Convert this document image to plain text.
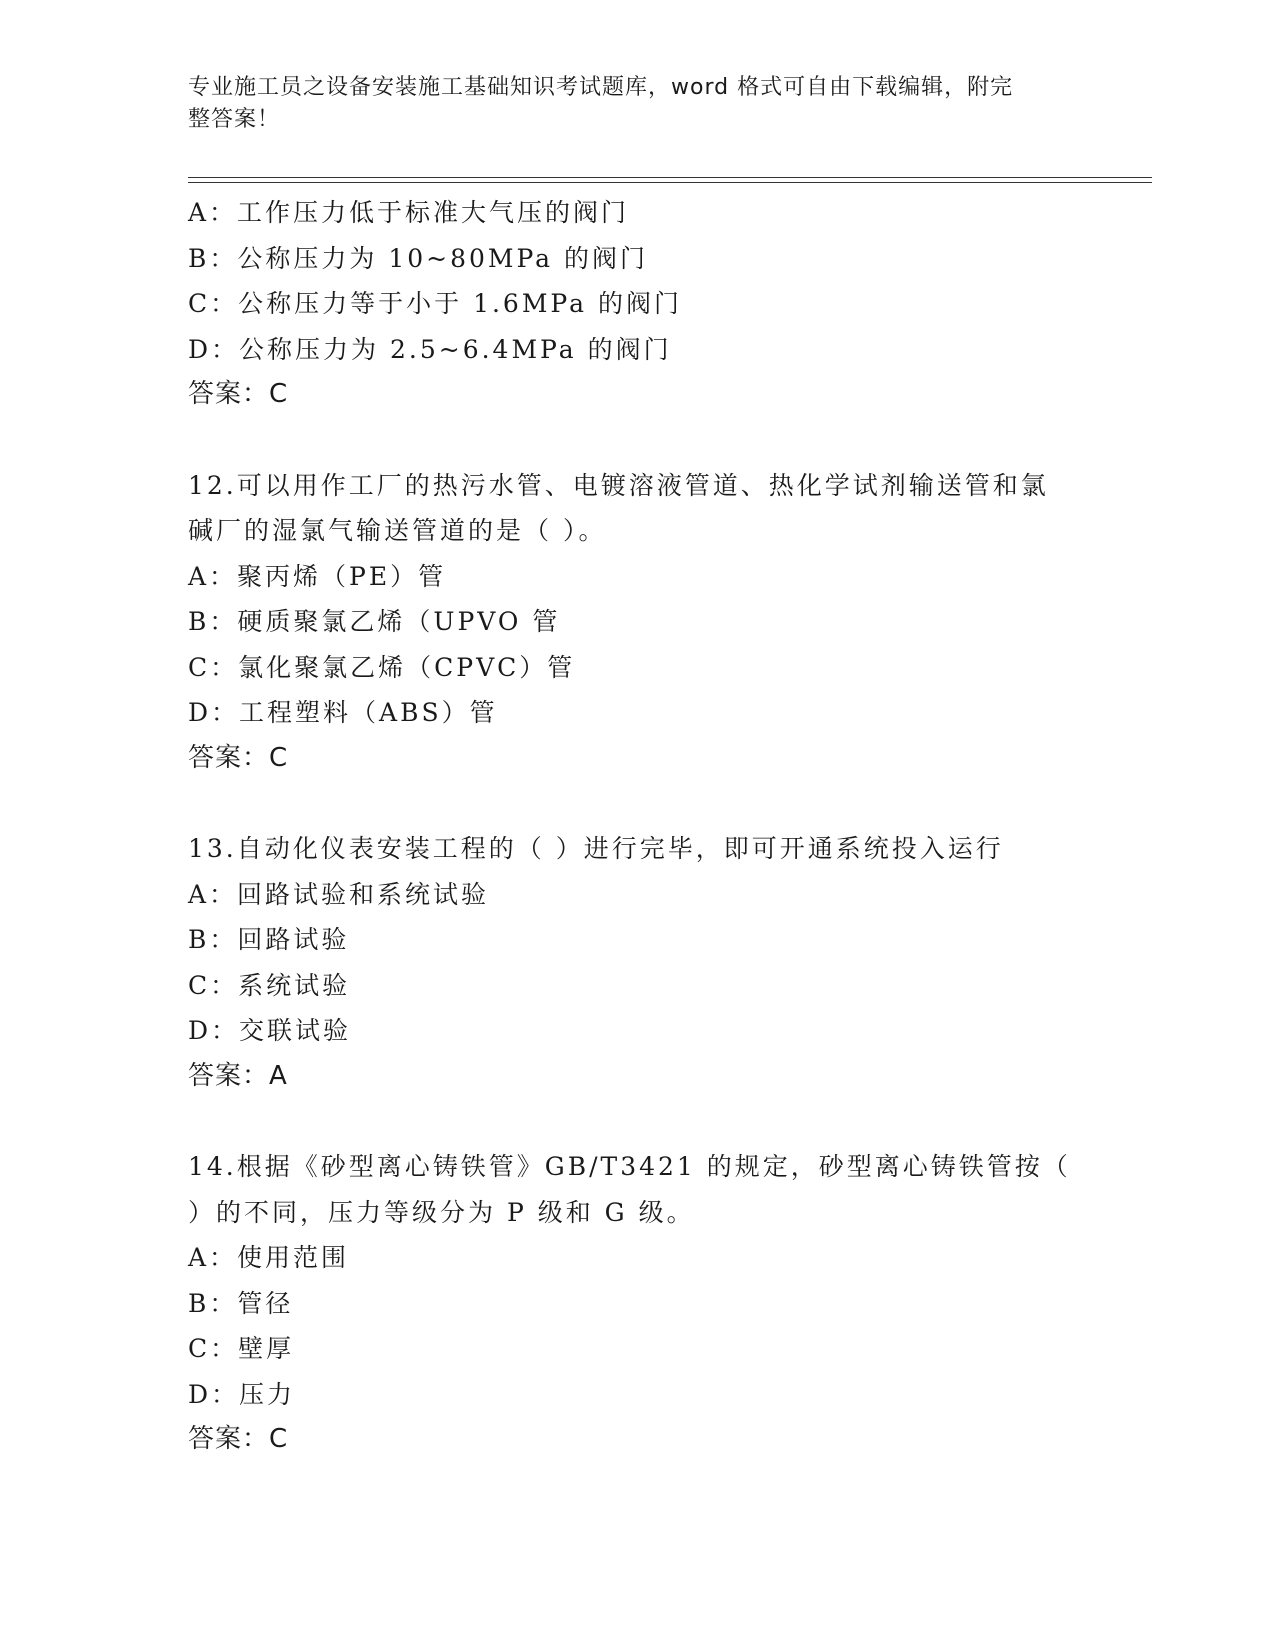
专业施工员之设备安装施工基础知识考试题库，word 格式可自由下载编辑，附完
整答案！
A：工作压力低于标准大气压的阀门
B：公称压力为 10~80MPa 的阀门
C：公称压力等于小于 1.6MPa 的阀门
D：公称压力为 2.5~6.4MPa 的阀门
答案：C
12.可以用作工厂的热污水管、电镀溶液管道、热化学试剂输送管和氯
碱厂的湿氯气输送管道的是（ ）。
A：聚丙烯（PE）管
B：硬质聚氯乙烯（UPVO 管
C：氯化聚氯乙烯（CPVC）管
D：工程塑料（ABS）管
答案：C
13.自动化仪表安装工程的（ ）进行完毕，即可开通系统投入运行
A：回路试验和系统试验
B：回路试验
C：系统试验
D：交联试验
答案：A
14.根据《砂型离心铸铁管》GB/T3421 的规定，砂型离心铸铁管按（
）的不同，压力等级分为 P 级和 G 级。
A：使用范围
B：管径
C：壁厚
D：压力
答案：C
